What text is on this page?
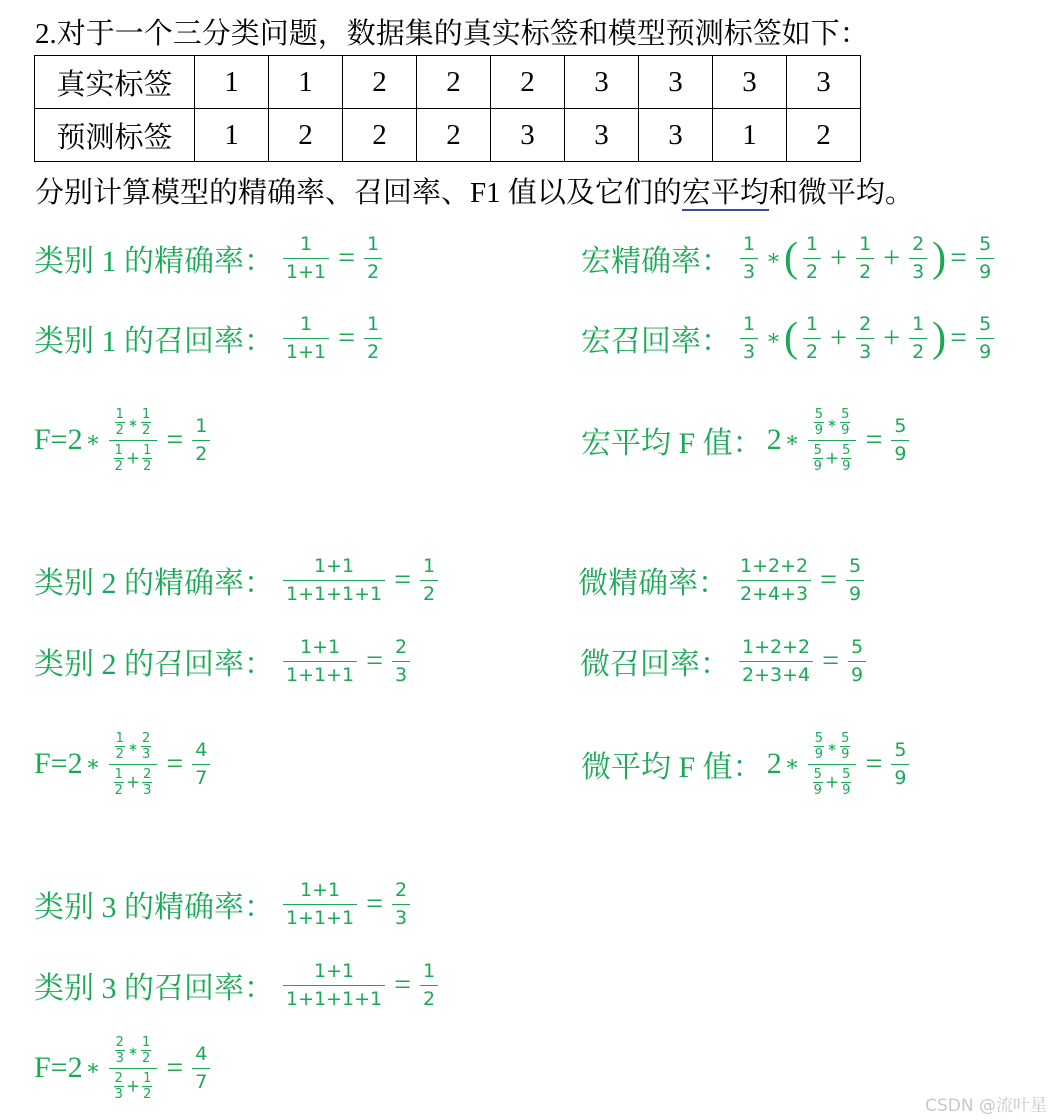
2.对于一个三分类问题，数据集的真实标签和模型预测标签如下：
真实标签	1	1	2	2	2	3	3	3	3
预测标签	1	2	2	2	3	3	3	1	2
分别计算模型的精确率、召回率、F1 值以及它们的宏平均和微平均。
类别 1 的精确率： $\frac{1}{1+1} = \frac{1}{2}$
类别 1 的召回率： $\frac{1}{1+1} = \frac{1}{2}$
F=2 ∗ $\frac{\frac{1}{2} ∗ \frac{1}{2}}{\frac{1}{2} + \frac{1}{2}} = \frac{1}{2}$
类别 2 的精确率： $\frac{1+1}{1+1+1+1} = \frac{1}{2}$
类别 2 的召回率： $\frac{1+1}{1+1+1} = \frac{2}{3}$
F=2 ∗ $\frac{\frac{1}{2} ∗ \frac{2}{3}}{\frac{1}{2} + \frac{2}{3}} = \frac{4}{7}$
类别 3 的精确率： $\frac{1+1}{1+1+1} = \frac{2}{3}$
类别 3 的召回率： $\frac{1+1}{1+1+1+1} = \frac{1}{2}$
F=2 ∗ $\frac{\frac{2}{3} ∗ \frac{1}{2}}{\frac{2}{3} + \frac{1}{2}} = \frac{4}{7}$
宏精确率： $\frac{1}{3}$ ∗ ( $\frac{1}{2} + \frac{1}{2} + \frac{2}{3}$ ) = $\frac{5}{9}$
宏召回率： $\frac{1}{3}$ ∗ ( $\frac{1}{2} + \frac{2}{3} + \frac{1}{2}$ ) = $\frac{5}{9}$
宏平均 F 值： 2 ∗ $\frac{\frac{5}{9} ∗ \frac{5}{9}}{\frac{5}{9} + \frac{5}{9}} = \frac{5}{9}$
微精确率： $\frac{1+2+2}{2+4+3} = \frac{5}{9}$
微召回率： $\frac{1+2+2}{2+3+4} = \frac{5}{9}$
微平均 F 值： 2 ∗ $\frac{\frac{5}{9} ∗ \frac{5}{9}}{\frac{5}{9} + \frac{5}{9}} = \frac{5}{9}$
CSDN @流叶星
